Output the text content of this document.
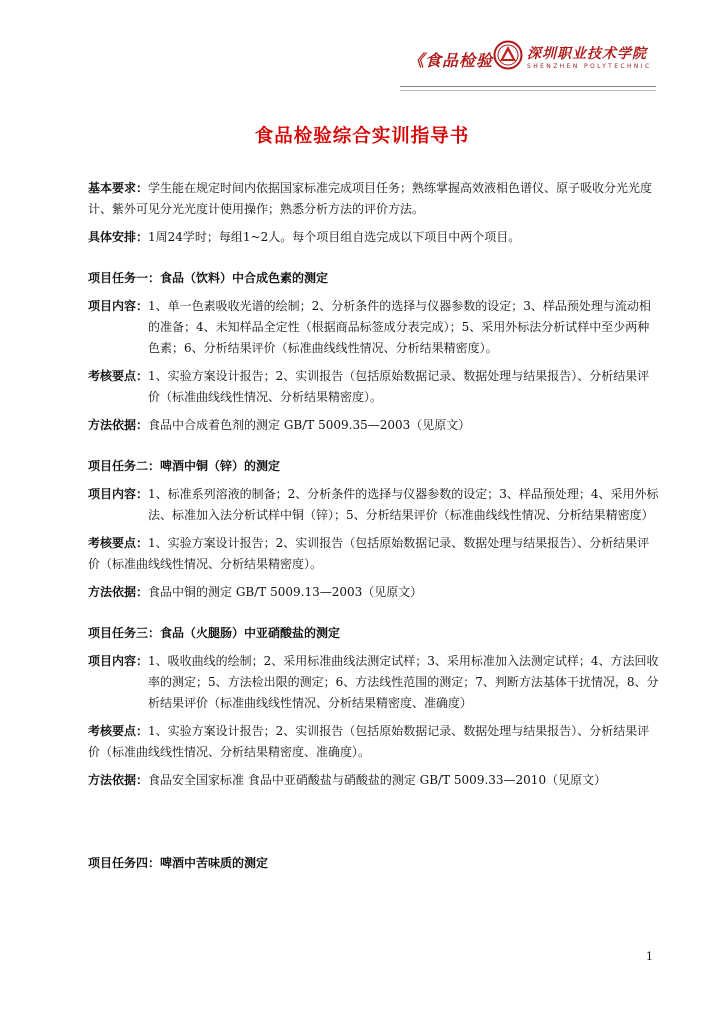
《食品检验 深圳职业技术学院
SHENZHEN POLYTECHNIC
食品检验综合实训指导书

基本要求：学生能在规定时间内依据国家标准完成项目任务；熟练掌握高效液相色谱仪、原子吸收分光光度计、紫外可见分光光度计使用操作；熟悉分析方法的评价方法。

具体安排：1周24学时；每组1~2人。每个项目组自选完成以下项目中两个项目。

项目任务一：食品（饮料）中合成色素的测定

项目内容：1、单一色素吸收光谱的绘制；2、分析条件的选择与仪器参数的设定；3、样品预处理与流动相的准备；4、未知样品全定性（根据商品标签成分表完成）；5、采用外标法分析试样中至少两种色素；6、分析结果评价（标准曲线线性情况、分析结果精密度）。

考核要点：1、实验方案设计报告；2、实训报告（包括原始数据记录、数据处理与结果报告）、分析结果评价（标准曲线线性情况、分析结果精密度）。

方法依据：食品中合成着色剂的测定 GB/T 5009.35—2003（见原文）

项目任务二：啤酒中铜（锌）的测定

项目内容：1、标准系列溶液的制备；2、分析条件的选择与仪器参数的设定；3、样品预处理；4、采用外标法、标准加入法分析试样中铜（锌）；5、分析结果评价（标准曲线线性情况、分析结果精密度）

考核要点：1、实验方案设计报告；2、实训报告（包括原始数据记录、数据处理与结果报告）、分析结果评价（标准曲线线性情况、分析结果精密度）。

方法依据：食品中铜的测定 GB/T 5009.13—2003（见原文）

项目任务三：食品（火腿肠）中亚硝酸盐的测定

项目内容：1、吸收曲线的绘制；2、采用标准曲线法测定试样；3、采用标准加入法测定试样；4、方法回收率的测定；5、方法检出限的测定；6、方法线性范围的测定；7、判断方法基体干扰情况，8、分析结果评价（标准曲线线性情况、分析结果精密度、准确度）

考核要点：1、实验方案设计报告；2、实训报告（包括原始数据记录、数据处理与结果报告）、分析结果评价（标准曲线线性情况、分析结果精密度、准确度）。

方法依据：食品安全国家标准 食品中亚硝酸盐与硝酸盐的测定 GB/T 5009.33—2010（见原文）

项目任务四：啤酒中苦味质的测定

1
